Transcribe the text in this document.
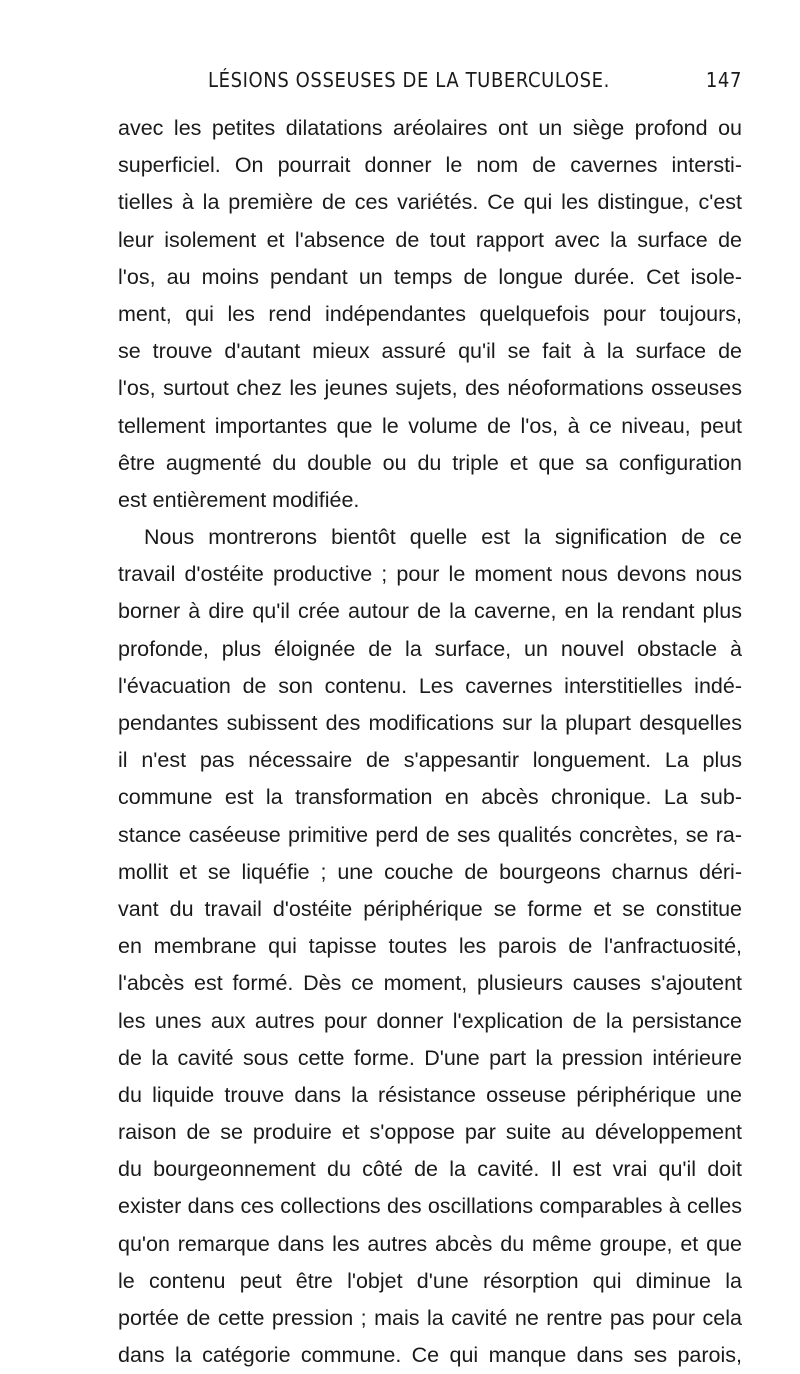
LÉSIONS OSSEUSES DE LA TUBERCULOSE.	147
avec les petites dilatations aréolaires ont un siège profond ou
superficiel. On pourrait donner le nom de cavernes intersti-
tielles à la première de ces variétés. Ce qui les distingue, c'est
leur isolement et l'absence de tout rapport avec la surface de
l'os, au moins pendant un temps de longue durée. Cet isole-
ment, qui les rend indépendantes quelquefois pour toujours,
se trouve d'autant mieux assuré qu'il se fait à la surface de
l'os, surtout chez les jeunes sujets, des néoformations osseuses
tellement importantes que le volume de l'os, à ce niveau, peut
être augmenté du double ou du triple et que sa configuration
est entièrement modifiée.
Nous montrerons bientôt quelle est la signification de ce
travail d'ostéite productive ; pour le moment nous devons nous
borner à dire qu'il crée autour de la caverne, en la rendant plus
profonde, plus éloignée de la surface, un nouvel obstacle à
l'évacuation de son contenu. Les cavernes interstitielles indé-
pendantes subissent des modifications sur la plupart desquelles
il n'est pas nécessaire de s'appesantir longuement. La plus
commune est la transformation en abcès chronique. La sub-
stance caséeuse primitive perd de ses qualités concrètes, se ra-
mollit et se liquéfie ; une couche de bourgeons charnus déri-
vant du travail d'ostéite périphérique se forme et se constitue
en membrane qui tapisse toutes les parois de l'anfractuosité,
l'abcès est formé. Dès ce moment, plusieurs causes s'ajoutent
les unes aux autres pour donner l'explication de la persistance
de la cavité sous cette forme. D'une part la pression intérieure
du liquide trouve dans la résistance osseuse périphérique une
raison de se produire et s'oppose par suite au développement
du bourgeonnement du côté de la cavité. Il est vrai qu'il doit
exister dans ces collections des oscillations comparables à celles
qu'on remarque dans les autres abcès du même groupe, et que
le contenu peut être l'objet d'une résorption qui diminue la
portée de cette pression ; mais la cavité ne rentre pas pour cela
dans la catégorie commune. Ce qui manque dans ses parois,
